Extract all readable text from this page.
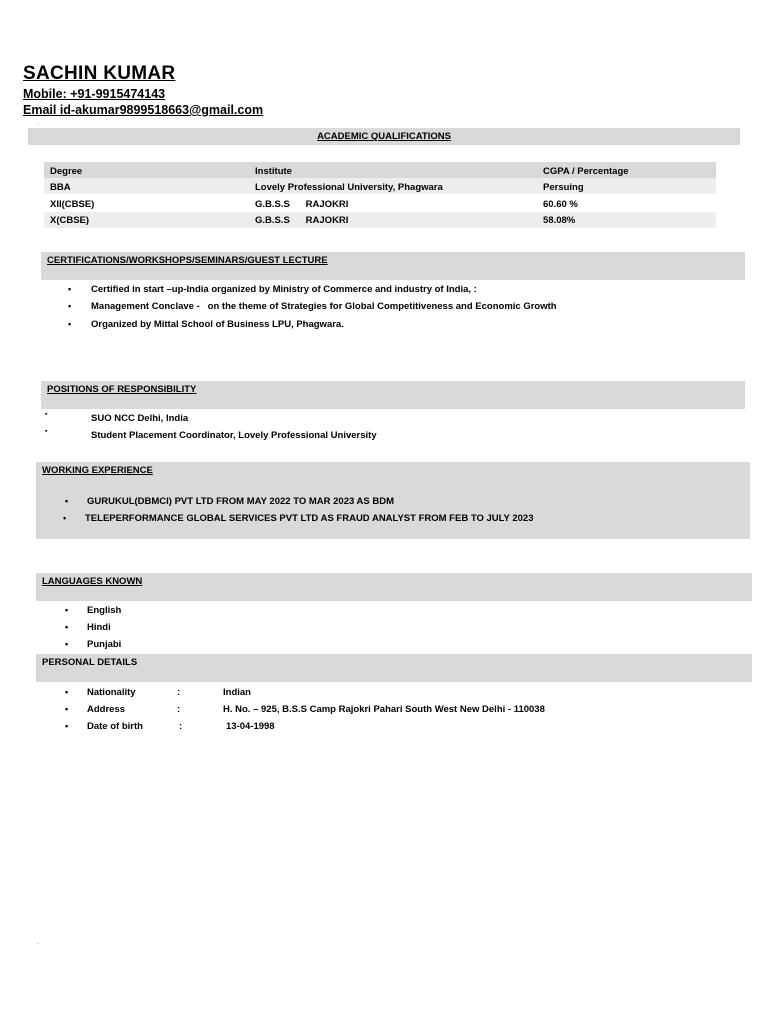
SACHIN KUMAR
Mobile: +91-9915474143
Email id-akumar9899518663@gmail.com
.
ACADEMIC QUALIFICATIONS
Degree	Institute	CGPA / Percentage
BBA	Lovely Professional University, Phagwara	Persuing
XII(CBSE)	G.B.S.S      RAJOKRI	60.60 %
X(CBSE)	G.B.S.S      RAJOKRI	58.08%
CERTIFICATIONS/WORKSHOPS/SEMINARS/GUEST LECTURE
• Certified in start –up-India organized by Ministry of Commerce and industry of India, :
• Management Conclave -   on the theme of Strategies for Global Competitiveness and Economic Growth
• Organized by Mittal School of Business LPU, Phagwara.
POSITIONS OF RESPONSIBILITY
▪	SUO NCC Delhi, India
▪	Student Placement Coordinator, Lovely Professional University
WORKING EXPERIENCE
• GURUKUL(DBMCI) PVT LTD FROM MAY 2022 TO MAR 2023 AS BDM
• TELEPERFORMANCE GLOBAL SERVICES PVT LTD AS FRAUD ANALYST FROM FEB TO JULY 2023
LANGUAGES KNOWN
• English
• Hindi
• Punjabi
PERSONAL DETAILS
• Nationality	:	Indian
• Address	:	H. No. – 925, B.S.S Camp Rajokri Pahari South West New Delhi - 110038
• Date of birth	:	13-04-1998
.
